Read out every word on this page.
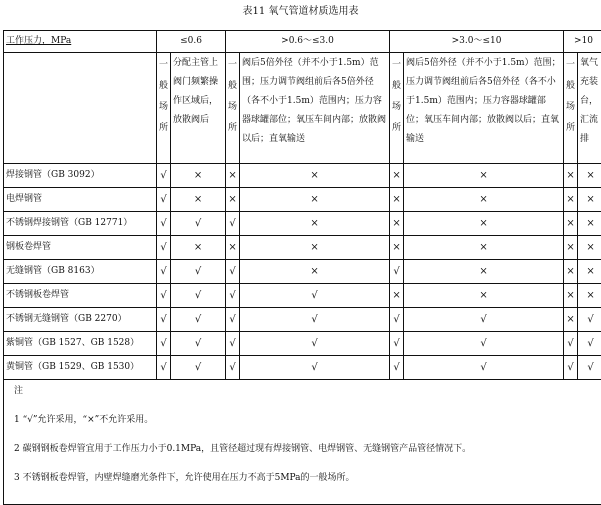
表11 氧气管道材质选用表
工作压力，MPa	≤0.6		>0.6～≤3.0		>3.0～≤10		>10	

	一般场所	分配主管上阀门频繁操作区域后，放散阀后	一般场所	阀后5倍外径（并不小于1.5m）范围；压力调节阀组前后各5倍外径（各不小于1.5m）范围内；压力容器球罐部位；氧压车间内部；放散阀以后；直氧输送	一般场所	阀后5倍外径（并不小于1.5m）范围；压力调节阀组前后各5倍外径（各不小于1.5m）范围内；压力容器球罐部位；氧压车间内部；放散阀以后；直氧输送	一般场所	氧气充装台，汇流排

焊接钢管（GB 3092）	√	×	×	×	×	×	×	×
电焊钢管	√	×	×	×	×	×	×	×
不锈钢焊接钢管（GB 12771）	√	√	√	×	×	×	×	×
钢板卷焊管	√	×	×	×	×	×	×	×
无缝钢管（GB 8163）	√	√	√	×	√	×	×	×
不锈钢板卷焊管	√	√	√	√	×	×	×	×
不锈钢无缝钢管（GB 2270）	√	√	√	√	√	√	×	√
紫铜管（GB 1527、GB 1528）	√	√	√	√	√	√	√	√
黄铜管（GB 1529、GB 1530）	√	√	√	√	√	√	√	√

注
1 “√”允许采用，“×”不允许采用。
2 碳钢钢板卷焊管宜用于工作压力小于0.1MPa，且管径超过现有焊接钢管、电焊钢管、无缝钢管产品管径情况下。
3 不锈钢板卷焊管，内壁焊缝磨光条件下，允许使用在压力不高于5MPa的一般场所。								
